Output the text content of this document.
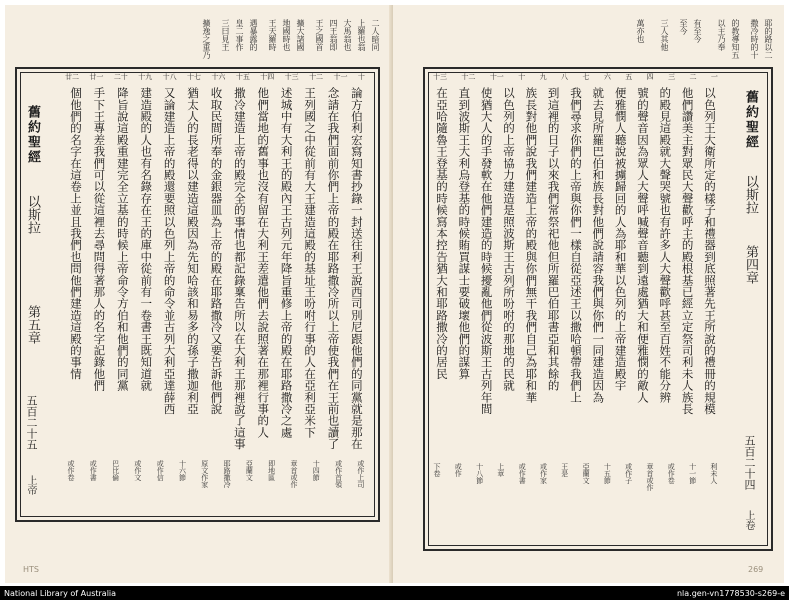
二人暗同
上羅也翁
大馬翁也
四王翁即
王之國首
擴大諸國
地國時也
王天羅時
遇暴露的
皇二事作
三曰見王
擴逸之重乃
十
十一
十二
十三
十四
十五
十六
十七
十八
十九
二十
廿一
廿二
論方伯利宏寫知書抄錄一封送往利王說西司別尼跟他們的同黨就是那在
念請在我們面前你們上帝的殿在耶路撒冷所以上帝使我們在王前也讀了
王列國之中從前有大王建造這殿的基址王吩咐行事的人在亞利亞米下
述城中有大利王的殿內王古列元年降旨重修上帝的殿在耶路撒冷之處
他們當地的舊事也沒有留在大利王差遣他們去說照著在那裡行事的人
撒冷建造上帝的殿完全的事情也都記錄稟告所以在大利王那裡說了這事
收取民間所奉的金銀器皿為上帝的殿在耶路撒冷又要告訴他們說
猶太人的長老得以建造這殿因為先知哈該和易多的孫子撒迦利亞
又論建造上帝的殿還要照以色列上帝的命令並古列大利亞達薛西
建造殿的人也有名錄存在王的庫中從前有一卷書王既知道就
降旨說這殿重建完全立基的時候上帝命令方伯和他們的同黨
手下王專差我們可以從這裡去尋問得著那人的名字記錄他們
個他們的名字在這卷上並且我們也問他們建造這殿的事情
舊約聖經
以斯拉
第五章
五百二十五
上帝	或作上司
或作首領
十四節
章首或作
即地區
亞蘭文
耶路撒冷
原文作家
十六節
或作信
或作文
巴比倫
或作書
或作卷
HTS
耶的路以二
撒冷時的十
的教導知五
以主乃奉
有至今
至今
三人其他
萬亦也
一
二
三
四
五
六
七
八
九
十
十一
十二
十三
以色列王大衛所定的樣子和禮器到底照著先王所說的禮冊的規模
他們讚美主對眾民大聲歡呼主的殿根基已經立定祭司利未人族長
的殿見這殿就大聲哭號也有許多人大聲歡呼甚至百姓不能分辨
號的聲音因為眾人大聲呼喊聲音聽到遠處猶大和便雅憫的敵人
便雅憫人聽說被擄歸回的人為耶和華以色列的上帝建造殿宇
就去見所羅巴伯和族長對他們說請容我們與你們一同建造因為
我們尋求你們的上帝與你們一樣自從亞述王以撒哈頓帶我們上
到這裡的日子以來我們常祭祀他但所羅巴伯耶書亞和其餘的
族長對他們說我們建造上帝的殿與你們無干我們自己為耶和華
以色列的上帝協力建造是照波斯王古列所吩咐的那地的民就
使猶大人的手發軟在他們建造的時候擾亂他們從波斯王古列年間
直到波斯王大利烏登基的時候賄買謀士要破壞他們的謀算
在亞哈隨魯王登基的時候寫本控告猶大和耶路撒冷的居民	舊約聖經
以斯拉
第四章
五百二十四
上卷
利未人
十一節
或作卷
章首或作
或作子
十五節
亞蘭文
王是
或作家
或作書
上章
十八節
或作
下卷
269
National Library of Australia	nla.gen-vn1778530-s269-e
